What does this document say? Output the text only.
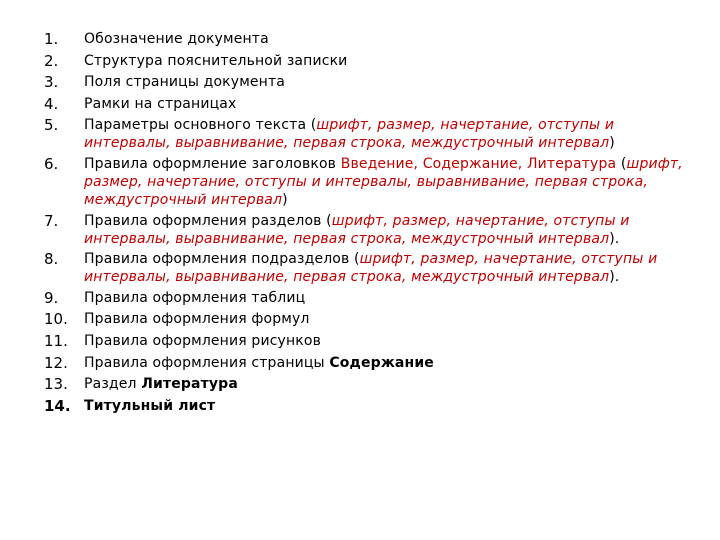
1.	Обозначение документа
2.	Структура пояснительной записки
3.	Поля страницы документа
4.	Рамки на страницах
5.	Параметры основного текста (шрифт, размер, начертание, отступы и интервалы, выравнивание, первая строка, междустрочный интервал)
6.	Правила оформление заголовков Введение, Содержание, Литература (шрифт, размер, начертание, отступы и интервалы, выравнивание, первая строка, междустрочный интервал)
7.	Правила оформления разделов (шрифт, размер, начертание, отступы и интервалы, выравнивание, первая строка, междустрочный интервал).
8.	Правила оформления подразделов (шрифт, размер, начертание, отступы и интервалы, выравнивание, первая строка, междустрочный интервал).
9.	Правила оформления таблиц
10.	Правила оформления формул
11.	Правила оформления рисунков
12.	Правила оформления страницы Содержание
13.	Раздел Литература
14. Титульный лист
